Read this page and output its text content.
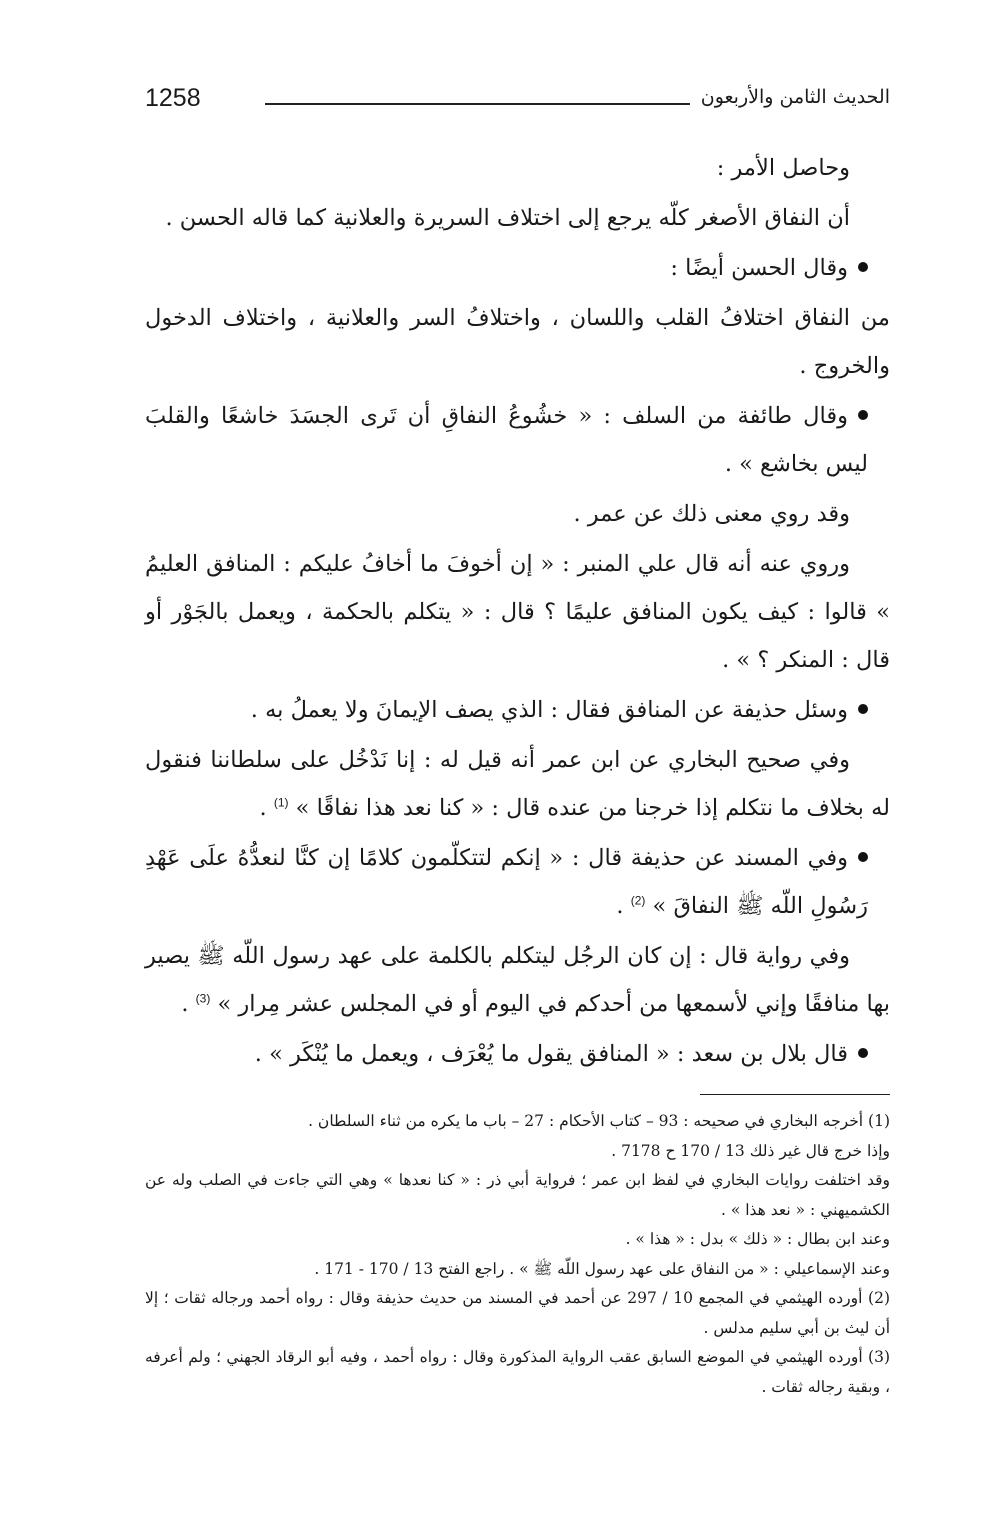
1258	الحديث الثامن والأربعون

وحاصل الأمر :

أن النفاق الأصغر كلّه يرجع إلى اختلاف السريرة والعلانية كما قاله الحسن .

وقال الحسن أيضًا :

من النفاق اختلافُ القلب واللسان ، واختلافُ السر والعلانية ، واختلاف الدخول والخروج .

وقال طائفة من السلف : « خشُوعُ النفاقِ أن تَرى الجسَدَ خاشعًا والقلبَ ليس بخاشع » .

وقد روي معنى ذلك عن عمر .

وروي عنه أنه قال علي المنبر : « إن أخوفَ ما أخافُ عليكم : المنافق العليمُ » قالوا : كيف يكون المنافق عليمًا ؟ قال : « يتكلم بالحكمة ، ويعمل بالجَوْر أو قال : المنكر ؟ » .

وسئل حذيفة عن المنافق فقال : الذي يصف الإيمانَ ولا يعملُ به .

وفي صحيح البخاري عن ابن عمر أنه قيل له : إنا نَدْخُل على سلطاننا فنقول له بخلاف ما نتكلم إذا خرجنا من عنده قال : « كنا نعد هذا نفاقًا » $^{(1)}$ .

وفي المسند عن حذيفة قال : « إنكم لتتكلّمون كلامًا إن كنَّا لنعدُّهُ علَى عَهْدِ رَسُولِ اللّه ﷺ النفاقَ » $^{(2)}$ .

وفي رواية قال : إن كان الرجُل ليتكلم بالكلمة على عهد رسول اللّه ﷺ يصير بها منافقًا وإني لأسمعها من أحدكم في اليوم أو في المجلس عشر مِرار » $^{(3)}$ .

قال بلال بن سعد : « المنافق يقول ما يُعْرَف ، ويعمل ما يُنْكَر » .

(1) أخرجه البخاري في صحيحه : 93 – كتاب الأحكام : 27 – باب ما يكره من ثناء السلطان .

وإذا خرج قال غير ذلك 13 / 170 ح 7178 .

وقد اختلفت روايات البخاري في لفظ ابن عمر ؛ فرواية أبي ذر : « كنا نعدها » وهي التي جاءت في الصلب وله عن الكشميهني : « نعد هذا » .

وعند ابن بطال : « ذلك » بدل : « هذا » .

وعند الإسماعيلي : « من النفاق على عهد رسول اللّه ﷺ » . راجع الفتح 13 / 170 - 171 .

(2) أورده الهيثمي في المجمع 10 / 297 عن أحمد في المسند من حديث حذيفة وقال : رواه أحمد ورجاله ثقات ؛ إلا أن ليث بن أبي سليم مدلس .

(3) أورده الهيثمي في الموضع السابق عقب الرواية المذكورة وقال : رواه أحمد ، وفيه أبو الرقاد الجهني ؛ ولم أعرفه ، وبقية رجاله ثقات .
